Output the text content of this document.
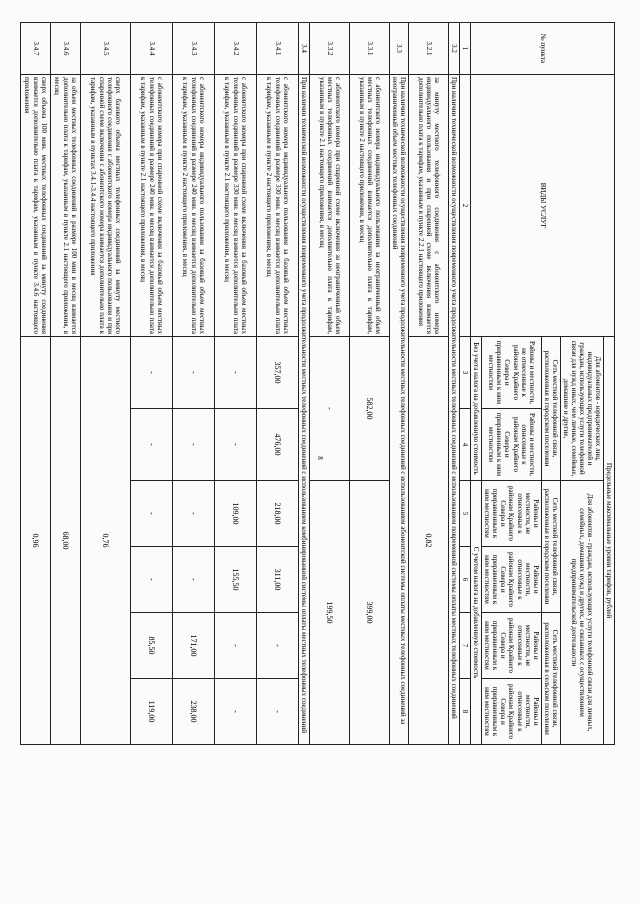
8
№ пункта	ВИДЫ УСЛУГ	Предельные максимальные уровни тарифов, рублей					
		Для абонентов - юридических лиц, индивидуальных предпринимателей и граждан, использующих услуги телефонной связи для нужд иных, чем личные, семейные, домашние и другие,		Для абонентов - граждан, использующих услуги телефонной связи для личных, семейных, домашних нужд и других, не связанных с осуществлением предпринимательской деятельности			
		Сеть местной телефонной связи, расположенная в городском поселении		Сеть местной телефонной связи, расположенная в городском поселении		Сеть местной телефонной связи, расположенная в сельском поселении	
		Районы и местности, не отнесенные к районам Крайнего Севера и приравненным к ним местностям	Районы и местности, отнесенные к районам Крайнего Севера и приравненным к ним местностям	Районы и местности, не отнесенные к районам Крайнего Севера и приравненным к ним местностям	Районы и местности, отнесенные к районам Крайнего Севера и приравненным к ним местностям	Районы и местности, не отнесенные к районам Крайнего Севера и приравненным к ним местностям	Районы и местности, отнесенные к районам Крайнего Севера и приравненным к ним местностям
		Без учета налога на добавленную стоимость		С учетом налога на добавленную стоимость			
1	2	3	4	5	6	7	8
3.2	При наличии технической возможности осуществления повременного учета продолжительности местных телефонных соединений с использованием повременной системы оплаты местных телефонных соединений						
3.2.1	за минуту местного телефонного соединения с абонентского номера индивидуального пользования и при спаренной схеме включения взимается дополнительно плата к тарифам, указанным в пункте 2.2.1 настоящего приложения	0,82					
3.3	При наличии технической возможности осуществления повременного учета продолжительности местных телефонных соединений с использованием абонентской системы оплаты местных телефонных соединений за неограниченный объем местных телефонных соединений						
3.3.1	с абонентского номера индивидуального пользования за неограниченный объем местных телефонных соединений взимается дополнительно плата к тарифам, указанным в пункте 2 настоящего приложения, в месяц	582,00		399,00			
3.3.2	с абонентского номера при спаренной схеме включения за неограниченный объем местных телефонных соединений взимается дополнительно плата к тарифам, указанным в пункте 2.1 настоящего приложения, в месяц	-		199,50			
3.4	При наличии технической возможности осуществления повременного учета продолжительности местных телефонных соединений с использованием комбинированной системы оплаты местных телефонных соединений						
3.4.1	с абонентского номера индивидуального пользования за базовый объем местных телефонных соединений в размере 330 мин. в месяц взимается дополнительно плата к тарифам, указанным в пункте 2 настоящего приложения, в месяц	357,00	476,00	218,00	311,00	-	-
3.4.2	с абонентского номера при спаренной схеме включения за базовый объем местных телефонных соединений в размере 330 мин. в месяц взимается дополнительно плата к тарифам, указанным в пункте 2.1 настоящего приложения, в месяц	-	-	109,00	155,50	-	-
3.4.3	с абонентского номера индивидуального пользования за базовый объем местных телефонных соединений в размере 240 мин. в месяц взимается дополнительно плата к тарифам, указанным в пункте 2 настоящего приложения, в месяц	-	-	-	-	171,00	238,00
3.4.4	с абонентского номера при спаренной схеме включения за базовый объем местных телефонных соединений в размере 240 мин. в месяц взимается дополнительно плата к тарифам, указанным в пункте 2.1 настоящего приложения, в месяц	-	-	-	-	85,50	119,00
3.4.5	сверх базового объема местных телефонных соединений за минуту местного телефонного соединения с абонентского номера индивидуального пользования и при спаренной схеме включения с абонентского номера взимается дополнительно плата к тарифам, указанным в пунктах 3.4.1-3.4.4 настоящего приложения	0,76					
3.4.6	за объем местных телефонных соединений в размере 100 мин в месяц взимается дополнительно плата к тарифам, указанным в пункте 2.1 настоящего приложения, в месяц	68,00					
3.4.7	сверх объема 100 мин. местных телефонных соединений за минуту соединения взимается дополнительно плата к тарифам, указанным в пункте 3.4.6 настоящего приложения	0,96					
